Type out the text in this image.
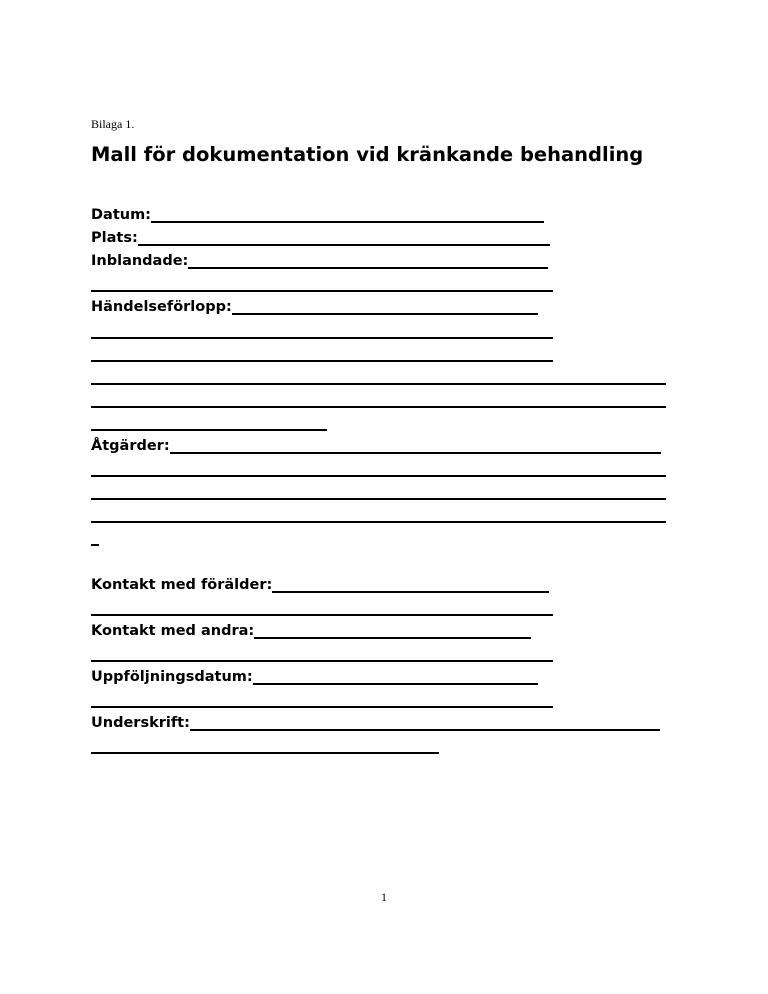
Bilaga 1.
Mall för dokumentation vid kränkande behandling
Datum:
Plats:
Inblandade:
Händelseförlopp:
Åtgärder:
Kontakt med förälder:
Kontakt med andra:
Uppföljningsdatum:
Underskrift:
1
